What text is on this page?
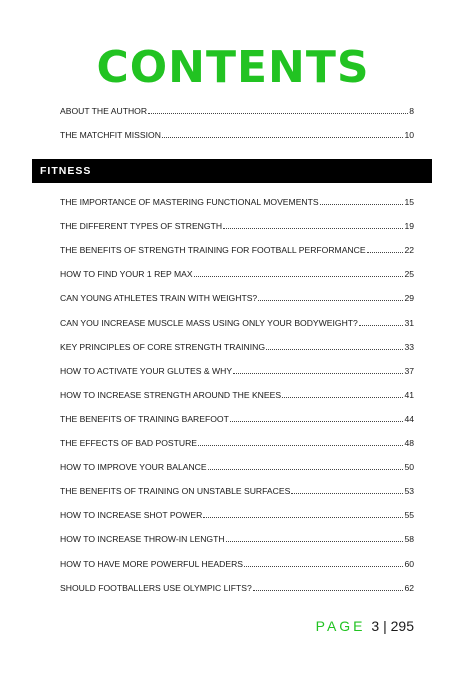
CONTENTS
ABOUT THE AUTHOR	8
THE MATCHFIT MISSION	10
FITNESS
THE IMPORTANCE OF MASTERING FUNCTIONAL MOVEMENTS	15
THE DIFFERENT TYPES OF STRENGTH	19
THE BENEFITS OF STRENGTH TRAINING FOR FOOTBALL PERFORMANCE	22
HOW TO FIND YOUR 1 REP MAX	25
CAN YOUNG ATHLETES TRAIN WITH WEIGHTS?	29
CAN YOU INCREASE MUSCLE MASS USING ONLY YOUR BODYWEIGHT?	31
KEY PRINCIPLES OF CORE STRENGTH TRAINING	33
HOW TO ACTIVATE YOUR GLUTES & WHY	37
HOW TO INCREASE STRENGTH AROUND THE KNEES	41
THE BENEFITS OF TRAINING BAREFOOT	44
THE EFFECTS OF BAD POSTURE	48
HOW TO IMPROVE YOUR BALANCE	50
THE BENEFITS OF TRAINING ON UNSTABLE SURFACES	53
HOW TO INCREASE SHOT POWER	55
HOW TO INCREASE THROW-IN LENGTH	58
HOW TO HAVE MORE POWERFUL HEADERS	60
SHOULD FOOTBALLERS USE OLYMPIC LIFTS?	62
PAGE 3 | 295
